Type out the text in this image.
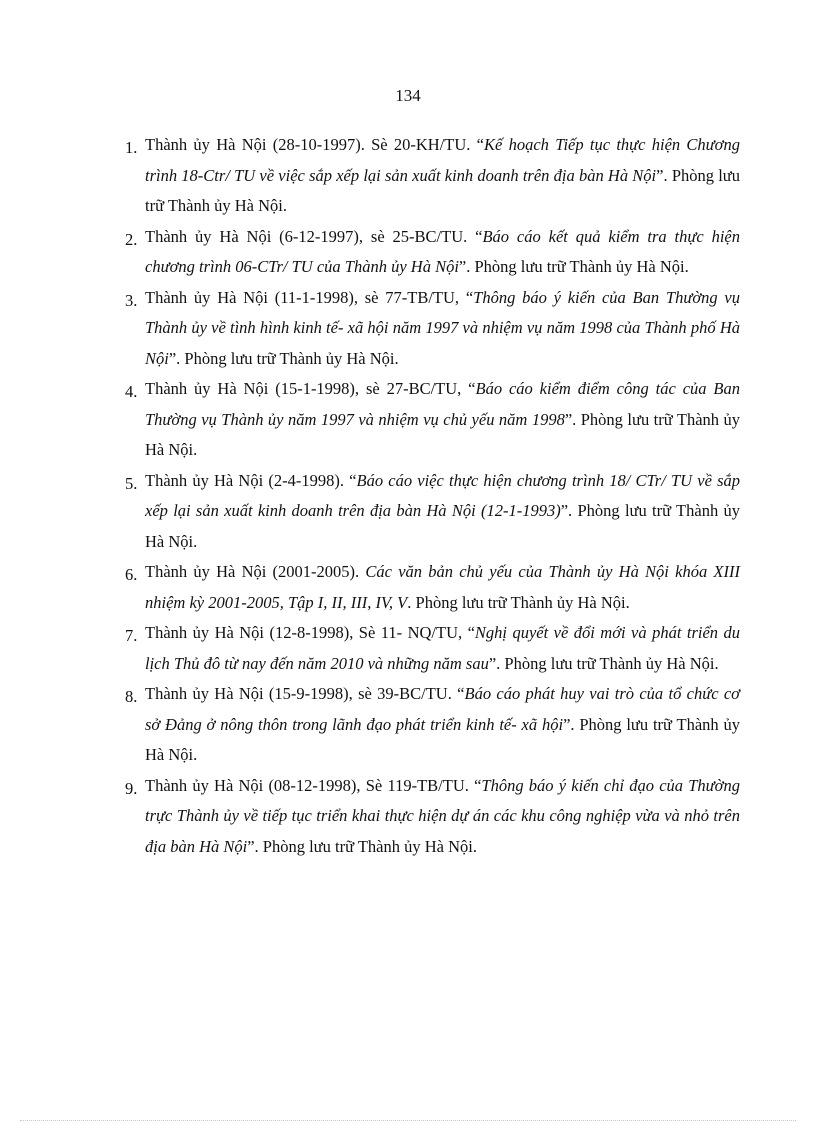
134
1. Thành ủy Hà Nội (28-10-1997). Sè 20-KH/TU. “Kế hoạch Tiếp tục thực hiện Chương trình 18-Ctr/ TU về việc sắp xếp lại sản xuất kinh doanh trên địa bàn Hà Nội”. Phòng lưu trữ Thành ủy Hà Nội.
2. Thành ủy Hà Nội (6-12-1997), sè 25-BC/TU. “Báo cáo kết quả kiểm tra thực hiện chương trình 06-CTr/ TU của Thành ủy Hà Nội”. Phòng lưu trữ Thành ủy Hà Nội.
3. Thành ủy Hà Nội (11-1-1998), sè 77-TB/TU, “Thông báo ý kiến của Ban Thường vụ Thành ủy về tình hình kinh tế- xã hội năm 1997 và nhiệm vụ năm 1998 của Thành phố Hà Nội”. Phòng lưu trữ Thành ủy Hà Nội.
4. Thành ủy Hà Nội (15-1-1998), sè 27-BC/TU, “Báo cáo kiểm điểm công tác của Ban Thường vụ Thành ủy năm 1997 và nhiệm vụ chủ yếu năm 1998”. Phòng lưu trữ Thành ủy Hà Nội.
5. Thành ủy Hà Nội (2-4-1998). “Báo cáo việc thực hiện chương trình 18/ CTr/ TU về sắp xếp lại sản xuất kinh doanh trên địa bàn Hà Nội (12-1-1993)”. Phòng lưu trữ Thành ủy Hà Nội.
6. Thành ủy Hà Nội (2001-2005). Các văn bản chủ yếu của Thành ủy Hà Nội khóa XIII nhiệm kỳ 2001-2005, Tập I, II, III, IV, V. Phòng lưu trữ Thành ủy Hà Nội.
7. Thành ủy Hà Nội (12-8-1998), Sè 11- NQ/TU, “Nghị quyết về đổi mới và phát triển du lịch Thủ đô từ nay đến năm 2010 và những năm sau”. Phòng lưu trữ Thành ủy Hà Nội.
8. Thành ủy Hà Nội (15-9-1998), sè 39-BC/TU. “Báo cáo phát huy vai trò của tổ chức cơ sở Đảng ở nông thôn trong lãnh đạo phát triển kinh tế- xã hội”. Phòng lưu trữ Thành ủy Hà Nội.
9. Thành ủy Hà Nội (08-12-1998), Sè 119-TB/TU. “Thông báo ý kiến chỉ đạo của Thường trực Thành ủy về tiếp tục triển khai thực hiện dự án các khu công nghiệp vừa và nhỏ trên địa bàn Hà Nội”. Phòng lưu trữ Thành ủy Hà Nội.
